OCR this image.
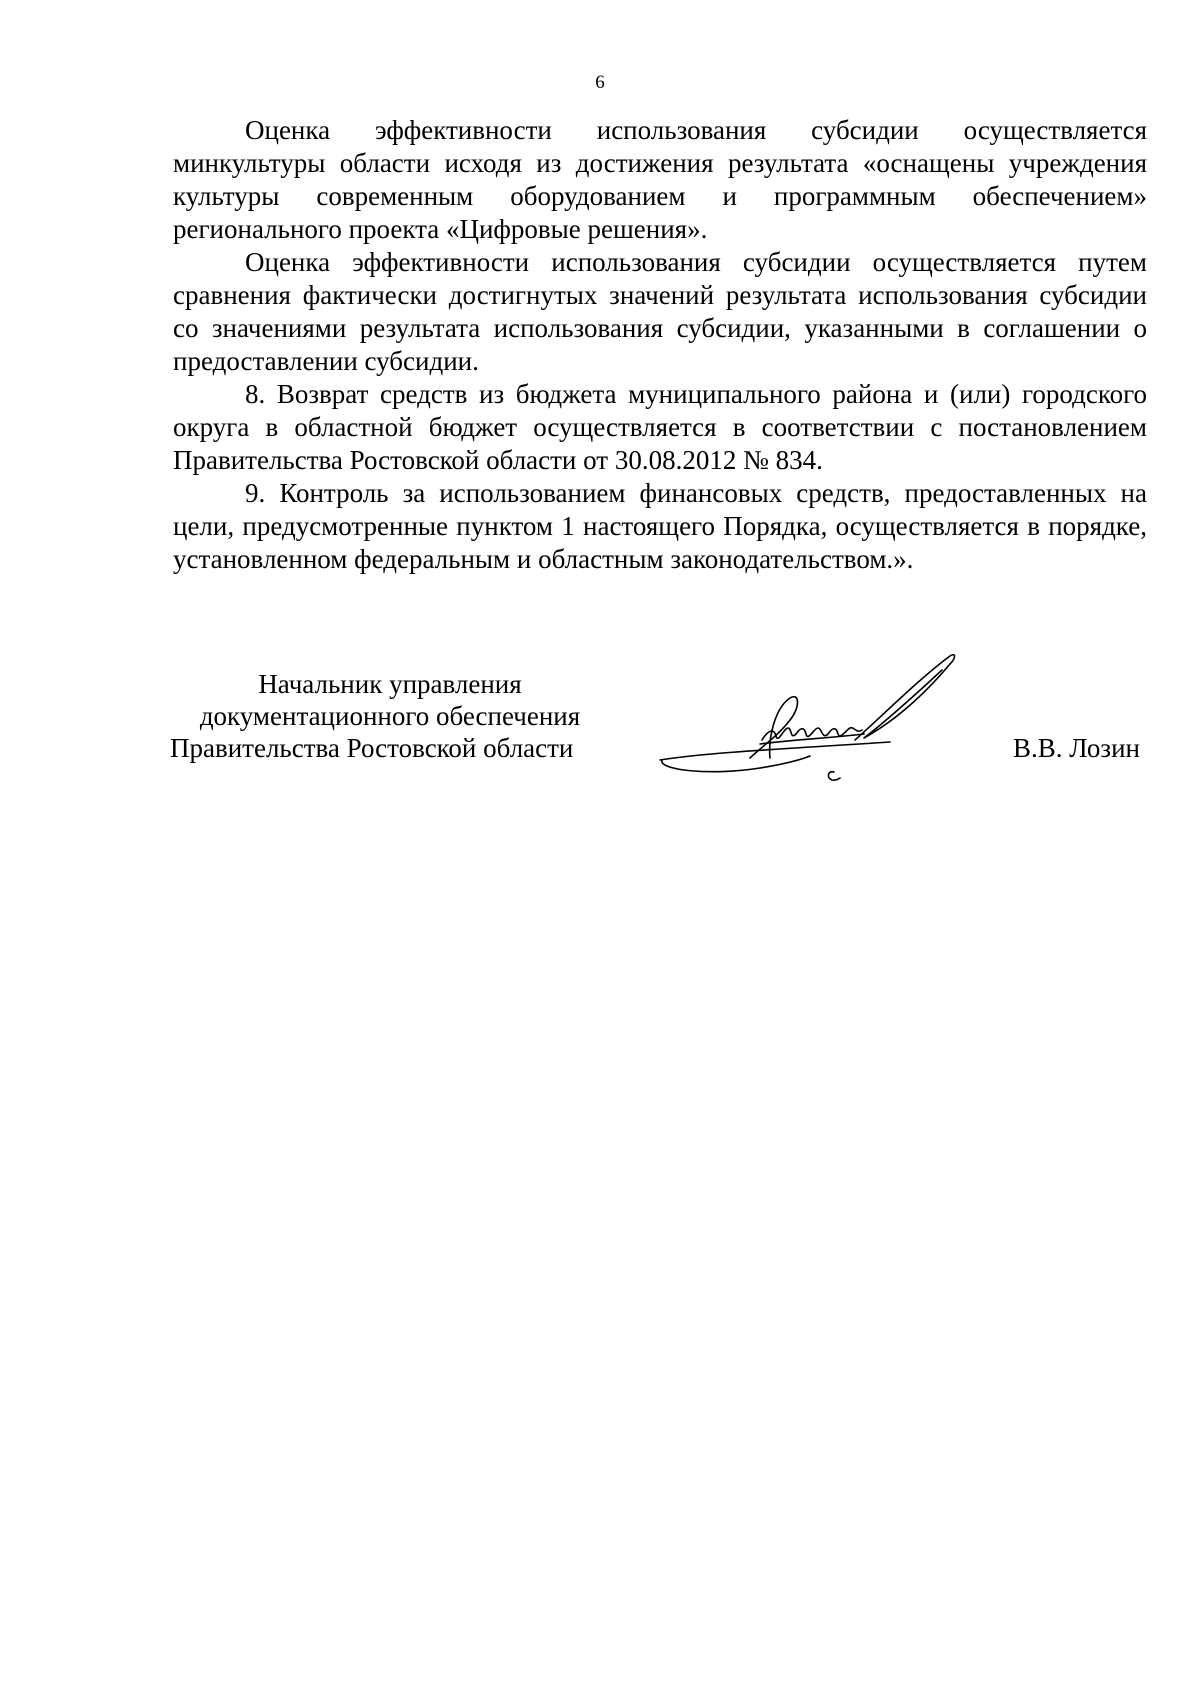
6

Оценка эффективности использования субсидии осуществляется минкультуры области исходя из достижения результата «оснащены учреждения культуры современным оборудованием и программным обеспечением» регионального проекта «Цифровые решения».

Оценка эффективности использования субсидии осуществляется путем сравнения фактически достигнутых значений результата использования субсидии со значениями результата использования субсидии, указанными в соглашении о предоставлении субсидии.

8. Возврат средств из бюджета муниципального района и (или) городского округа в областной бюджет осуществляется в соответствии с постановлением Правительства Ростовской области от 30.08.2012 № 834.

9. Контроль за использованием финансовых средств, предоставленных на цели, предусмотренные пунктом 1 настоящего Порядка, осуществляется в порядке, установленном федеральным и областным законодательством.».

Начальник управления
документационного обеспечения
Правительства Ростовской области	В.В. Лозин
